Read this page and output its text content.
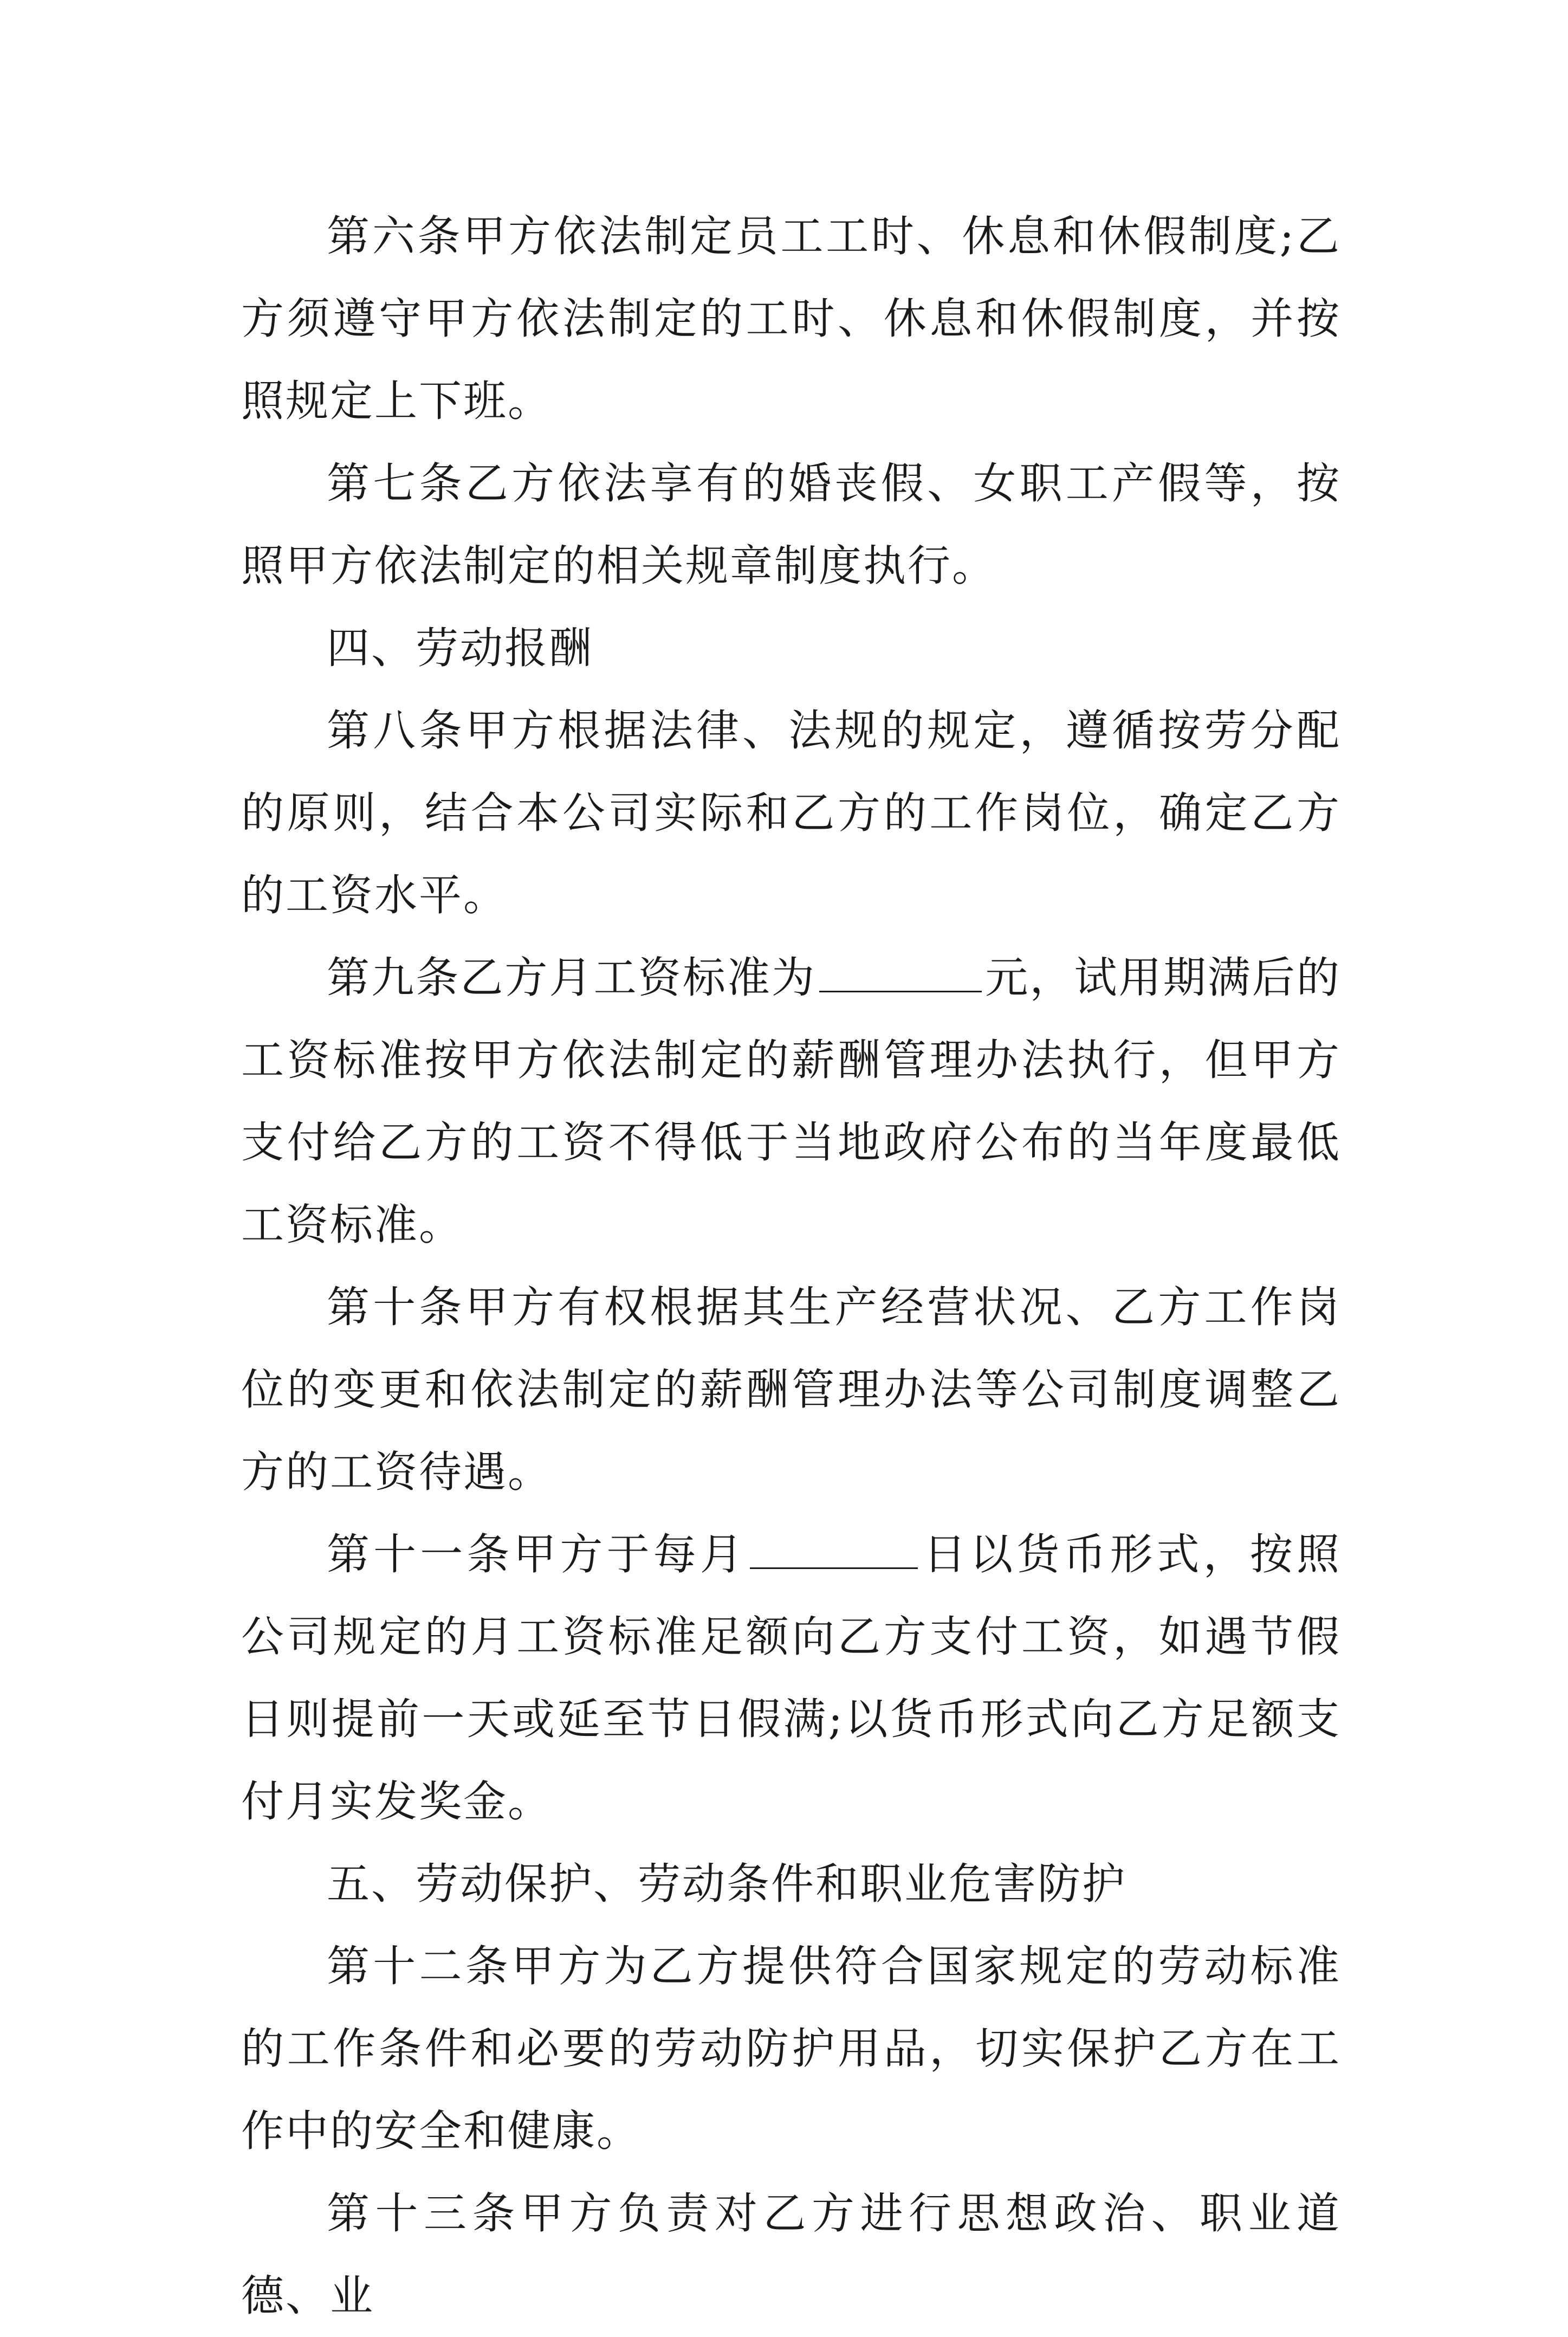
第六条甲方依法制定员工工时、休息和休假制度;乙方须遵守甲方依法制定的工时、休息和休假制度，并按照规定上下班。

第七条乙方依法享有的婚丧假、女职工产假等，按照甲方依法制定的相关规章制度执行。

四、劳动报酬

第八条甲方根据法律、法规的规定，遵循按劳分配的原则，结合本公司实际和乙方的工作岗位，确定乙方的工资水平。

第九条乙方月工资标准为	元，试用期满后的工资标准按甲方依法制定的薪酬管理办法执行，但甲方支付给乙方的工资不得低于当地政府公布的当年度最低工资标准。

第十条甲方有权根据其生产经营状况、乙方工作岗位的变更和依法制定的薪酬管理办法等公司制度调整乙方的工资待遇。

第十一条甲方于每月	日以货币形式，按照公司规定的月工资标准足额向乙方支付工资，如遇节假日则提前一天或延至节日假满;以货币形式向乙方足额支付月实发奖金。

五、劳动保护、劳动条件和职业危害防护

第十二条甲方为乙方提供符合国家规定的劳动标准的工作条件和必要的劳动防护用品，切实保护乙方在工作中的安全和健康。

第十三条甲方负责对乙方进行思想政治、职业道德、业
